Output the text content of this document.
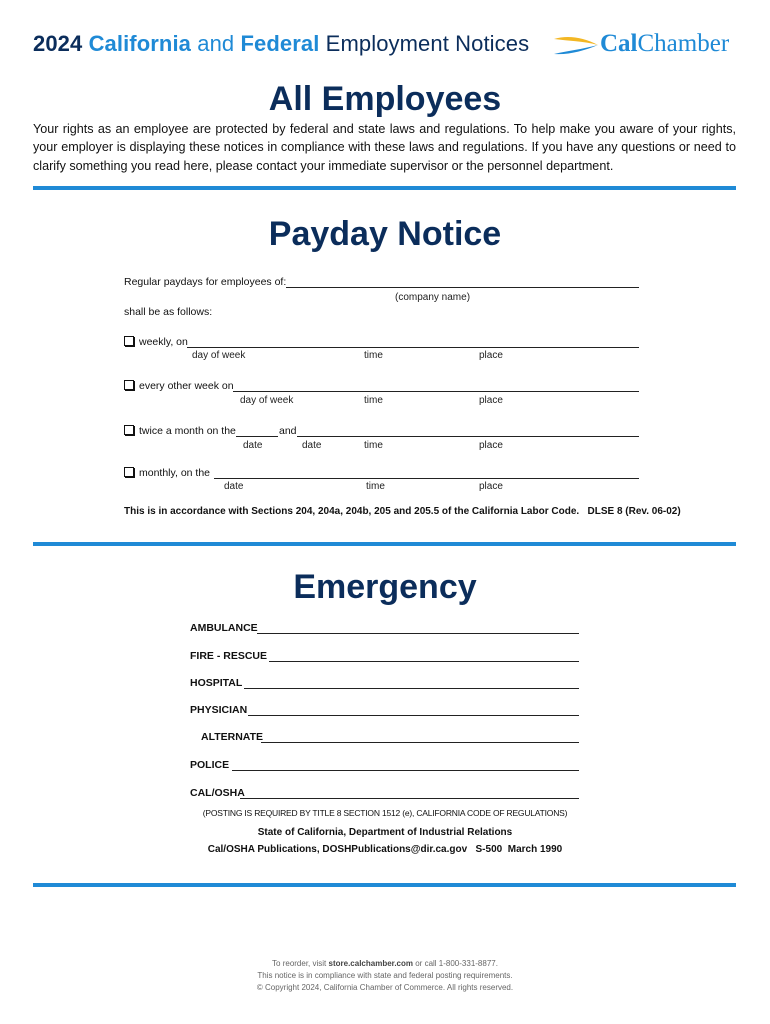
2024 California and Federal Employment Notices	CalChamber
All Employees
Your rights as an employee are protected by federal and state laws and regulations. To help make you aware of your rights, your employer is displaying these notices in compliance with these laws and regulations. If you have any questions or need to clarify something you read here, please contact your immediate supervisor or the personnel department.
Payday Notice
Regular paydays for employees of:
(company name)
shall be as follows:
weekly, on
day of week	time	place
every other week on
day of week	time	place
twice a month on the	and
date	date	time	place
monthly, on the
date	time	place
This is in accordance with Sections 204, 204a, 204b, 205 and 205.5 of the California Labor Code.   DLSE 8 (Rev. 06-02)
Emergency
AMBULANCE
FIRE - RESCUE
HOSPITAL
PHYSICIAN
ALTERNATE
POLICE
CAL/OSHA
(POSTING IS REQUIRED BY TITLE 8 SECTION 1512 (e), CALIFORNIA CODE OF REGULATIONS)
State of California, Department of Industrial Relations
Cal/OSHA Publications, DOSHPublications@dir.ca.gov   S-500  March 1990
To reorder, visit store.calchamber.com or call 1-800-331-8877.
This notice is in compliance with state and federal posting requirements.
© Copyright 2024, California Chamber of Commerce. All rights reserved.
